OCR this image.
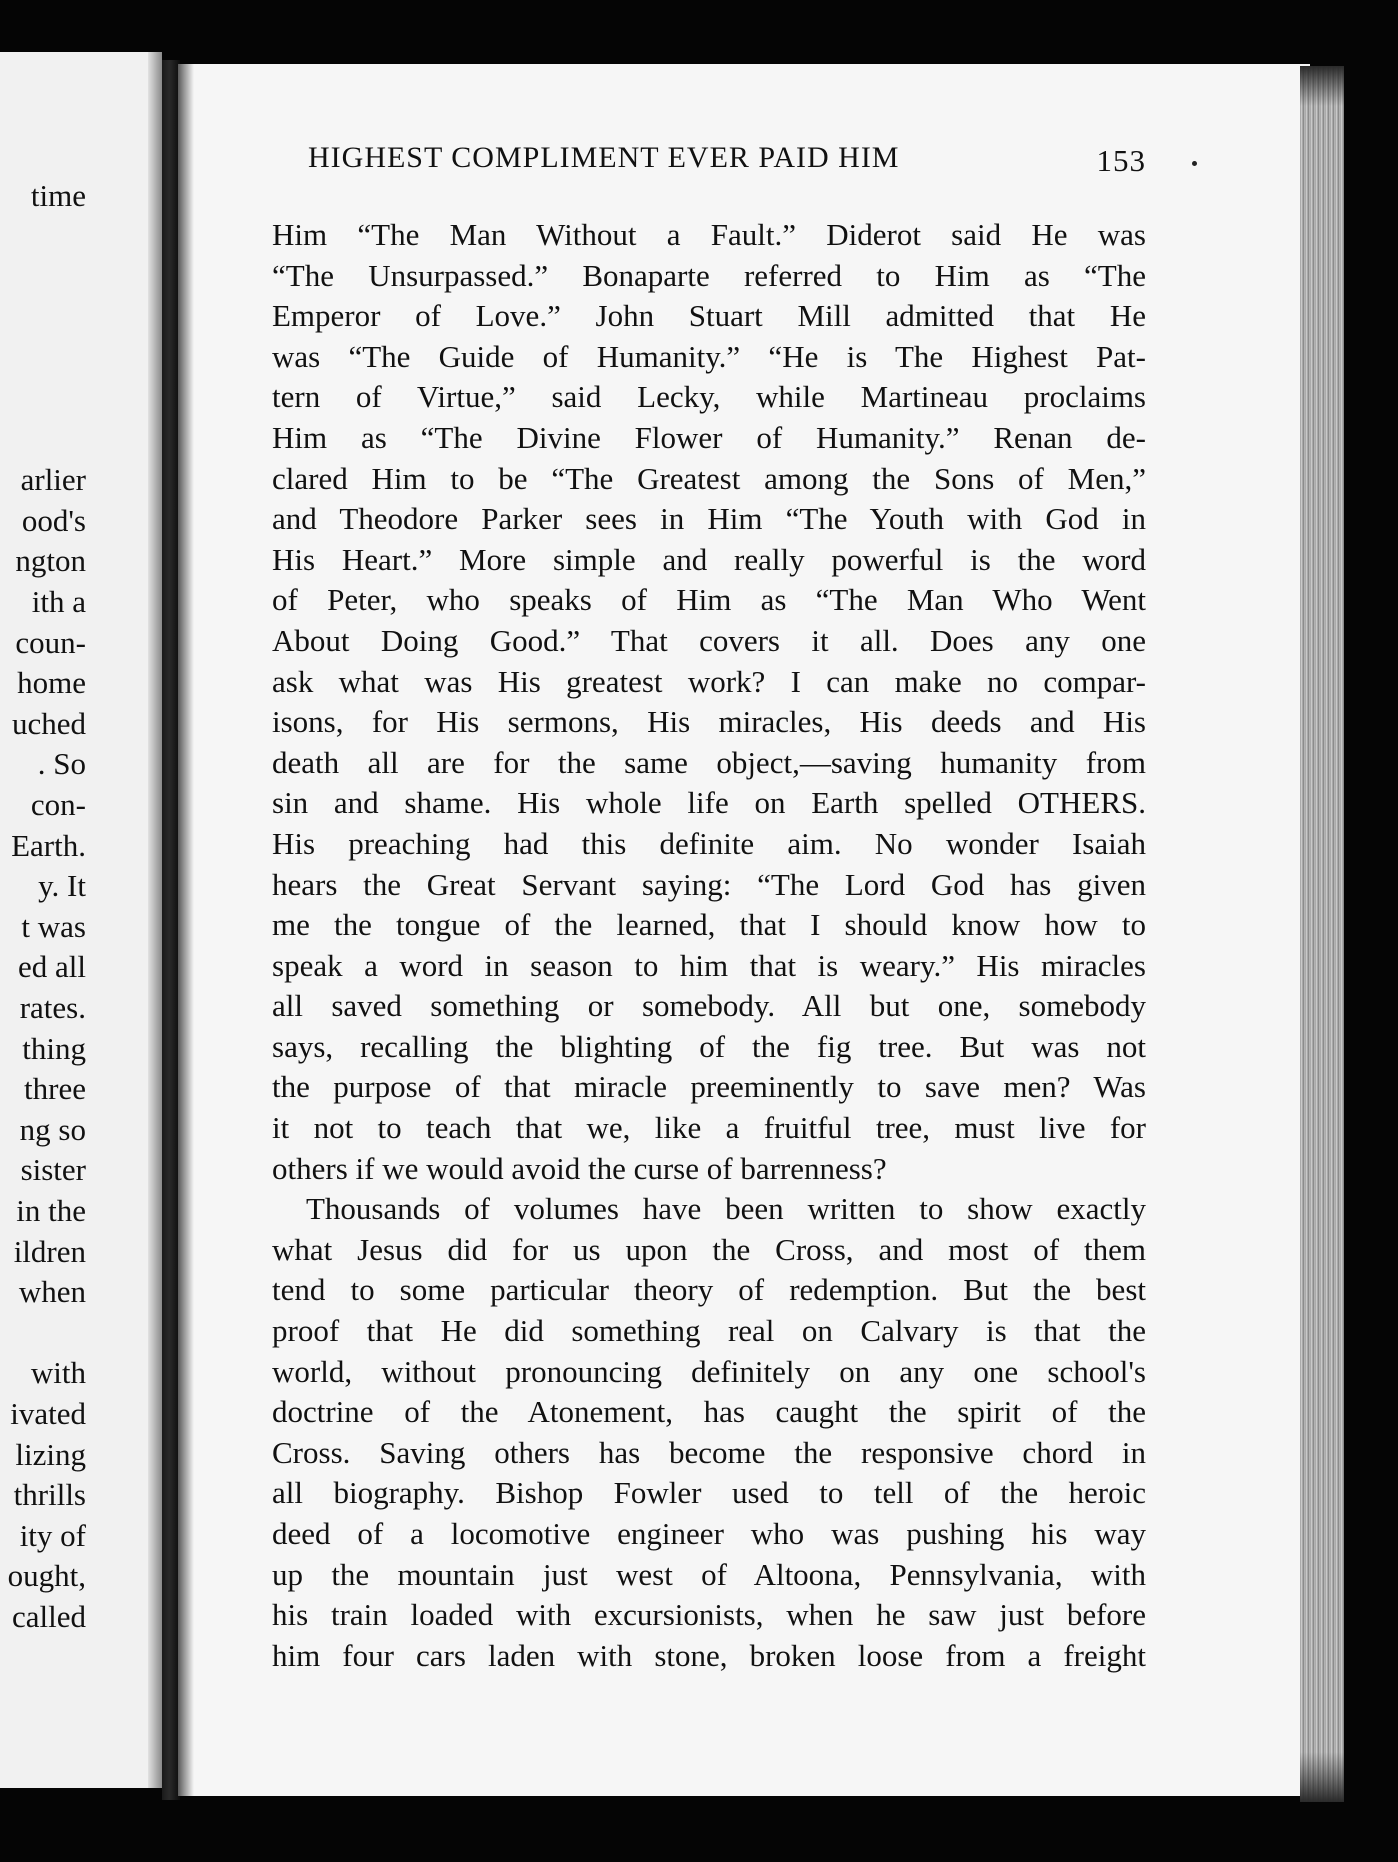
time
arlier
ood's
ngton
ith a
coun-
home
uched
. So
con-
Earth.
y. It
t was
ed all
rates.
thing
three
ng so
sister
in the
ildren
when
with
ivated
lizing
thrills
ity of
ought,
called
HIGHEST COMPLIMENT EVER PAID HIM	153
Him “The Man Without a Fault.” Diderot said He was
“The Unsurpassed.” Bonaparte referred to Him as “The
Emperor of Love.” John Stuart Mill admitted that He
was “The Guide of Humanity.” “He is The Highest Pat-
tern of Virtue,” said Lecky, while Martineau proclaims
Him as “The Divine Flower of Humanity.” Renan de-
clared Him to be “The Greatest among the Sons of Men,”
and Theodore Parker sees in Him “The Youth with God in
His Heart.” More simple and really powerful is the word
of Peter, who speaks of Him as “The Man Who Went
About Doing Good.” That covers it all. Does any one
ask what was His greatest work? I can make no compar-
isons, for His sermons, His miracles, His deeds and His
death all are for the same object,—saving humanity from
sin and shame. His whole life on Earth spelled OTHERS.
His preaching had this definite aim. No wonder Isaiah
hears the Great Servant saying: “The Lord God has given
me the tongue of the learned, that I should know how to
speak a word in season to him that is weary.” His miracles
all saved something or somebody. All but one, somebody
says, recalling the blighting of the fig tree. But was not
the purpose of that miracle preeminently to save men? Was
it not to teach that we, like a fruitful tree, must live for
others if we would avoid the curse of barrenness?
Thousands of volumes have been written to show exactly
what Jesus did for us upon the Cross, and most of them
tend to some particular theory of redemption. But the best
proof that He did something real on Calvary is that the
world, without pronouncing definitely on any one school's
doctrine of the Atonement, has caught the spirit of the
Cross. Saving others has become the responsive chord in
all biography. Bishop Fowler used to tell of the heroic
deed of a locomotive engineer who was pushing his way
up the mountain just west of Altoona, Pennsylvania, with
his train loaded with excursionists, when he saw just before
him four cars laden with stone, broken loose from a freight
